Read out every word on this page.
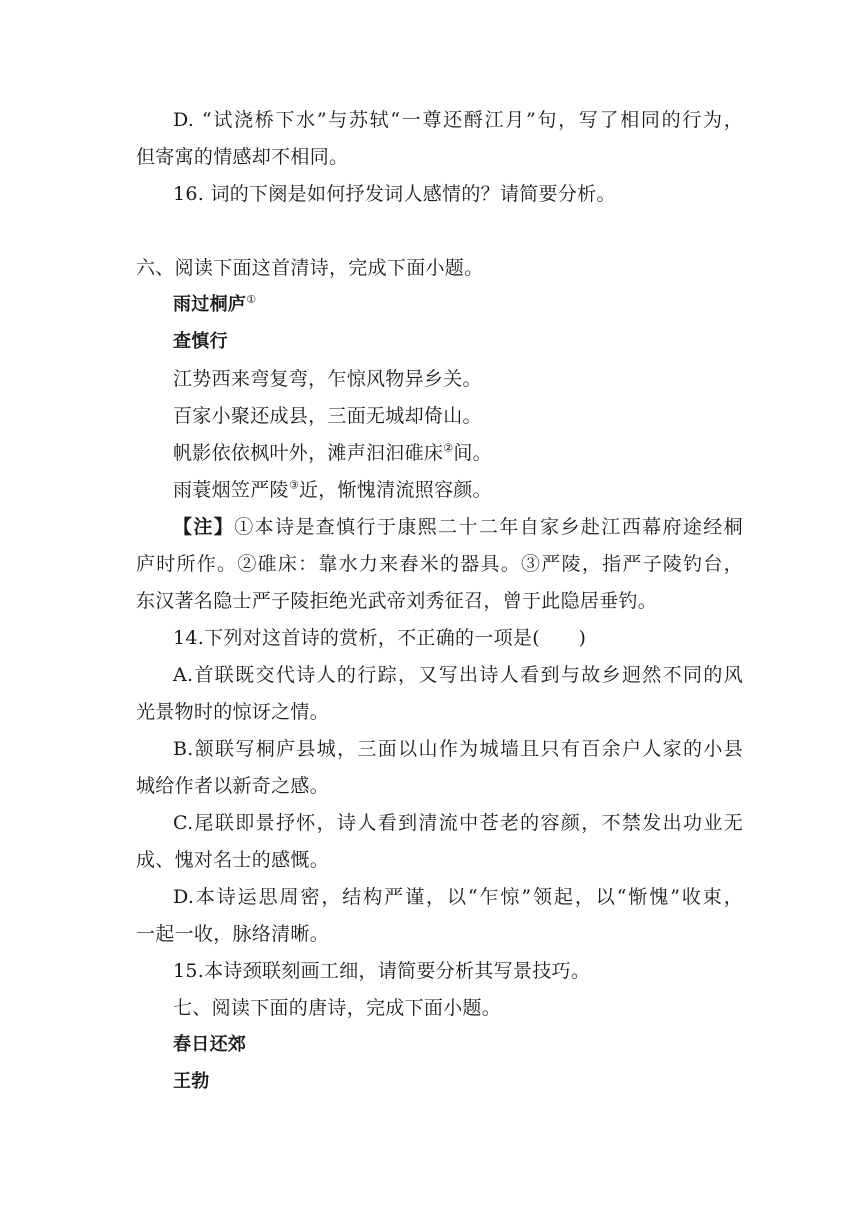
D. “试浇桥下水”与苏轼“一尊还酹江月”句，写了相同的行为，
但寄寓的情感却不相同。
16. 词的下阕是如何抒发词人感情的？请简要分析。
六、阅读下面这首清诗，完成下面小题。
雨过桐庐①
查慎行
江势西来弯复弯，乍惊风物异乡关。
百家小聚还成县，三面无城却倚山。
帆影依依枫叶外，滩声汩汩碓床②间。
雨蓑烟笠严陵③近，惭愧清流照容颜。
【注】①本诗是查慎行于康熙二十二年自家乡赴江西幕府途经桐
庐时所作。②碓床：靠水力来舂米的器具。③严陵，指严子陵钓台，
东汉著名隐士严子陵拒绝光武帝刘秀征召，曾于此隐居垂钓。
14.下列对这首诗的赏析，不正确的一项是(　　)
A.首联既交代诗人的行踪，又写出诗人看到与故乡迥然不同的风
光景物时的惊讶之情。
B.颔联写桐庐县城，三面以山作为城墙且只有百余户人家的小县
城给作者以新奇之感。
C.尾联即景抒怀，诗人看到清流中苍老的容颜，不禁发出功业无
成、愧对名士的感慨。
D.本诗运思周密，结构严谨，以“乍惊”领起，以“惭愧”收束，
一起一收，脉络清晰。
15.本诗颈联刻画工细，请简要分析其写景技巧。
七、阅读下面的唐诗，完成下面小题。
春日还郊
王勃
